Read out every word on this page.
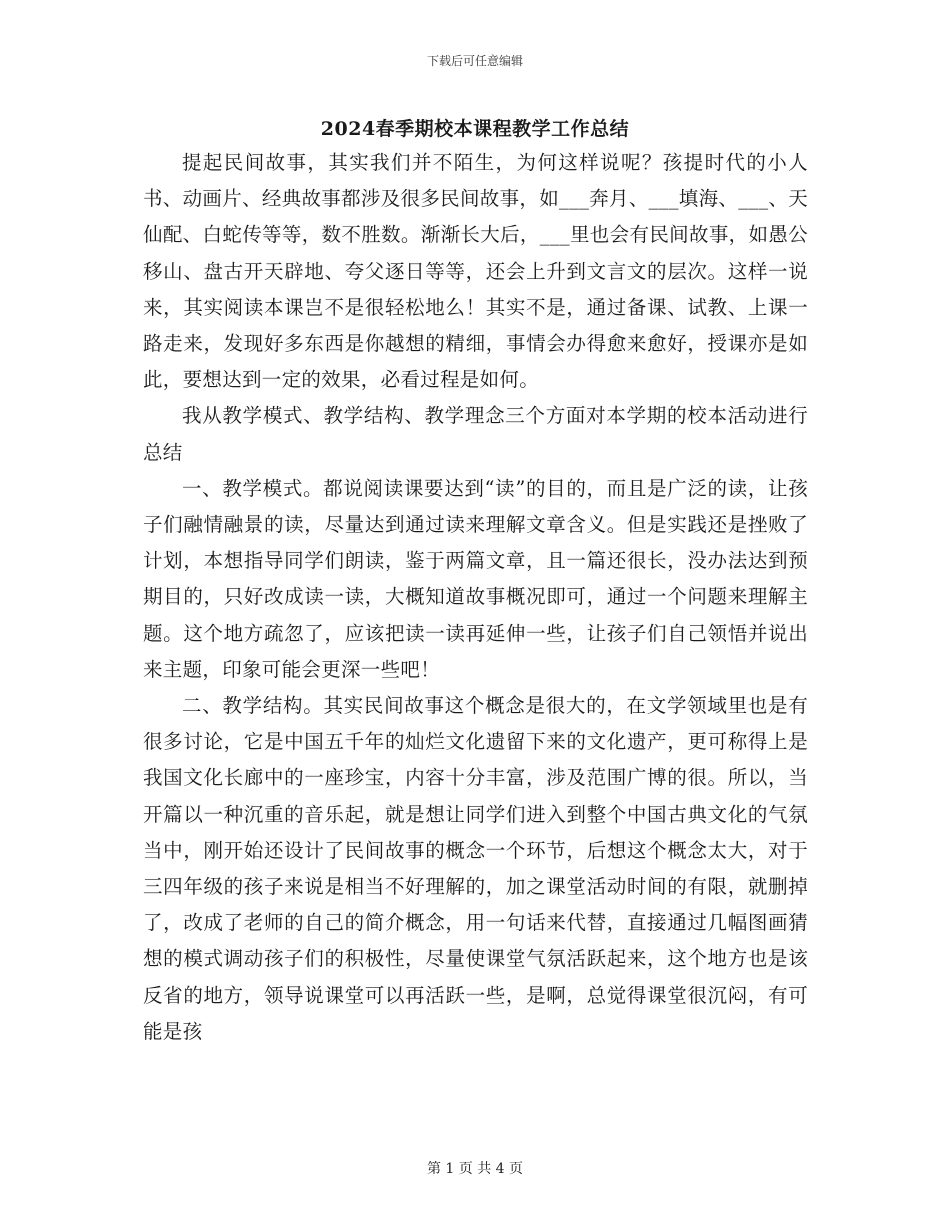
下载后可任意编辑
2024春季期校本课程教学工作总结

提起民间故事，其实我们并不陌生，为何这样说呢？孩提时代的小人书、动画片、经典故事都涉及很多民间故事，如___奔月、___填海、___、天仙配、白蛇传等等，数不胜数。渐渐长大后，___里也会有民间故事，如愚公移山、盘古开天辟地、夸父逐日等等，还会上升到文言文的层次。这样一说来，其实阅读本课岂不是很轻松地么！其实不是，通过备课、试教、上课一路走来，发现好多东西是你越想的精细，事情会办得愈来愈好，授课亦是如此，要想达到一定的效果，必看过程是如何。

我从教学模式、教学结构、教学理念三个方面对本学期的校本活动进行总结

一、教学模式。都说阅读课要达到“读”的目的，而且是广泛的读，让孩子们融情融景的读，尽量达到通过读来理解文章含义。但是实践还是挫败了计划，本想指导同学们朗读，鉴于两篇文章，且一篇还很长，没办法达到预期目的，只好改成读一读，大概知道故事概况即可，通过一个问题来理解主题。这个地方疏忽了，应该把读一读再延伸一些，让孩子们自己领悟并说出来主题，印象可能会更深一些吧！

二、教学结构。其实民间故事这个概念是很大的，在文学领域里也是有很多讨论，它是中国五千年的灿烂文化遗留下来的文化遗产，更可称得上是我国文化长廊中的一座珍宝，内容十分丰富，涉及范围广博的很。所以，当开篇以一种沉重的音乐起，就是想让同学们进入到整个中国古典文化的气氛当中，刚开始还设计了民间故事的概念一个环节，后想这个概念太大，对于三四年级的孩子来说是相当不好理解的，加之课堂活动时间的有限，就删掉了，改成了老师的自己的简介概念，用一句话来代替，直接通过几幅图画猜想的模式调动孩子们的积极性，尽量使课堂气氛活跃起来，这个地方也是该反省的地方，领导说课堂可以再活跃一些，是啊，总觉得课堂很沉闷，有可能是孩

第 1 页 共 4 页
